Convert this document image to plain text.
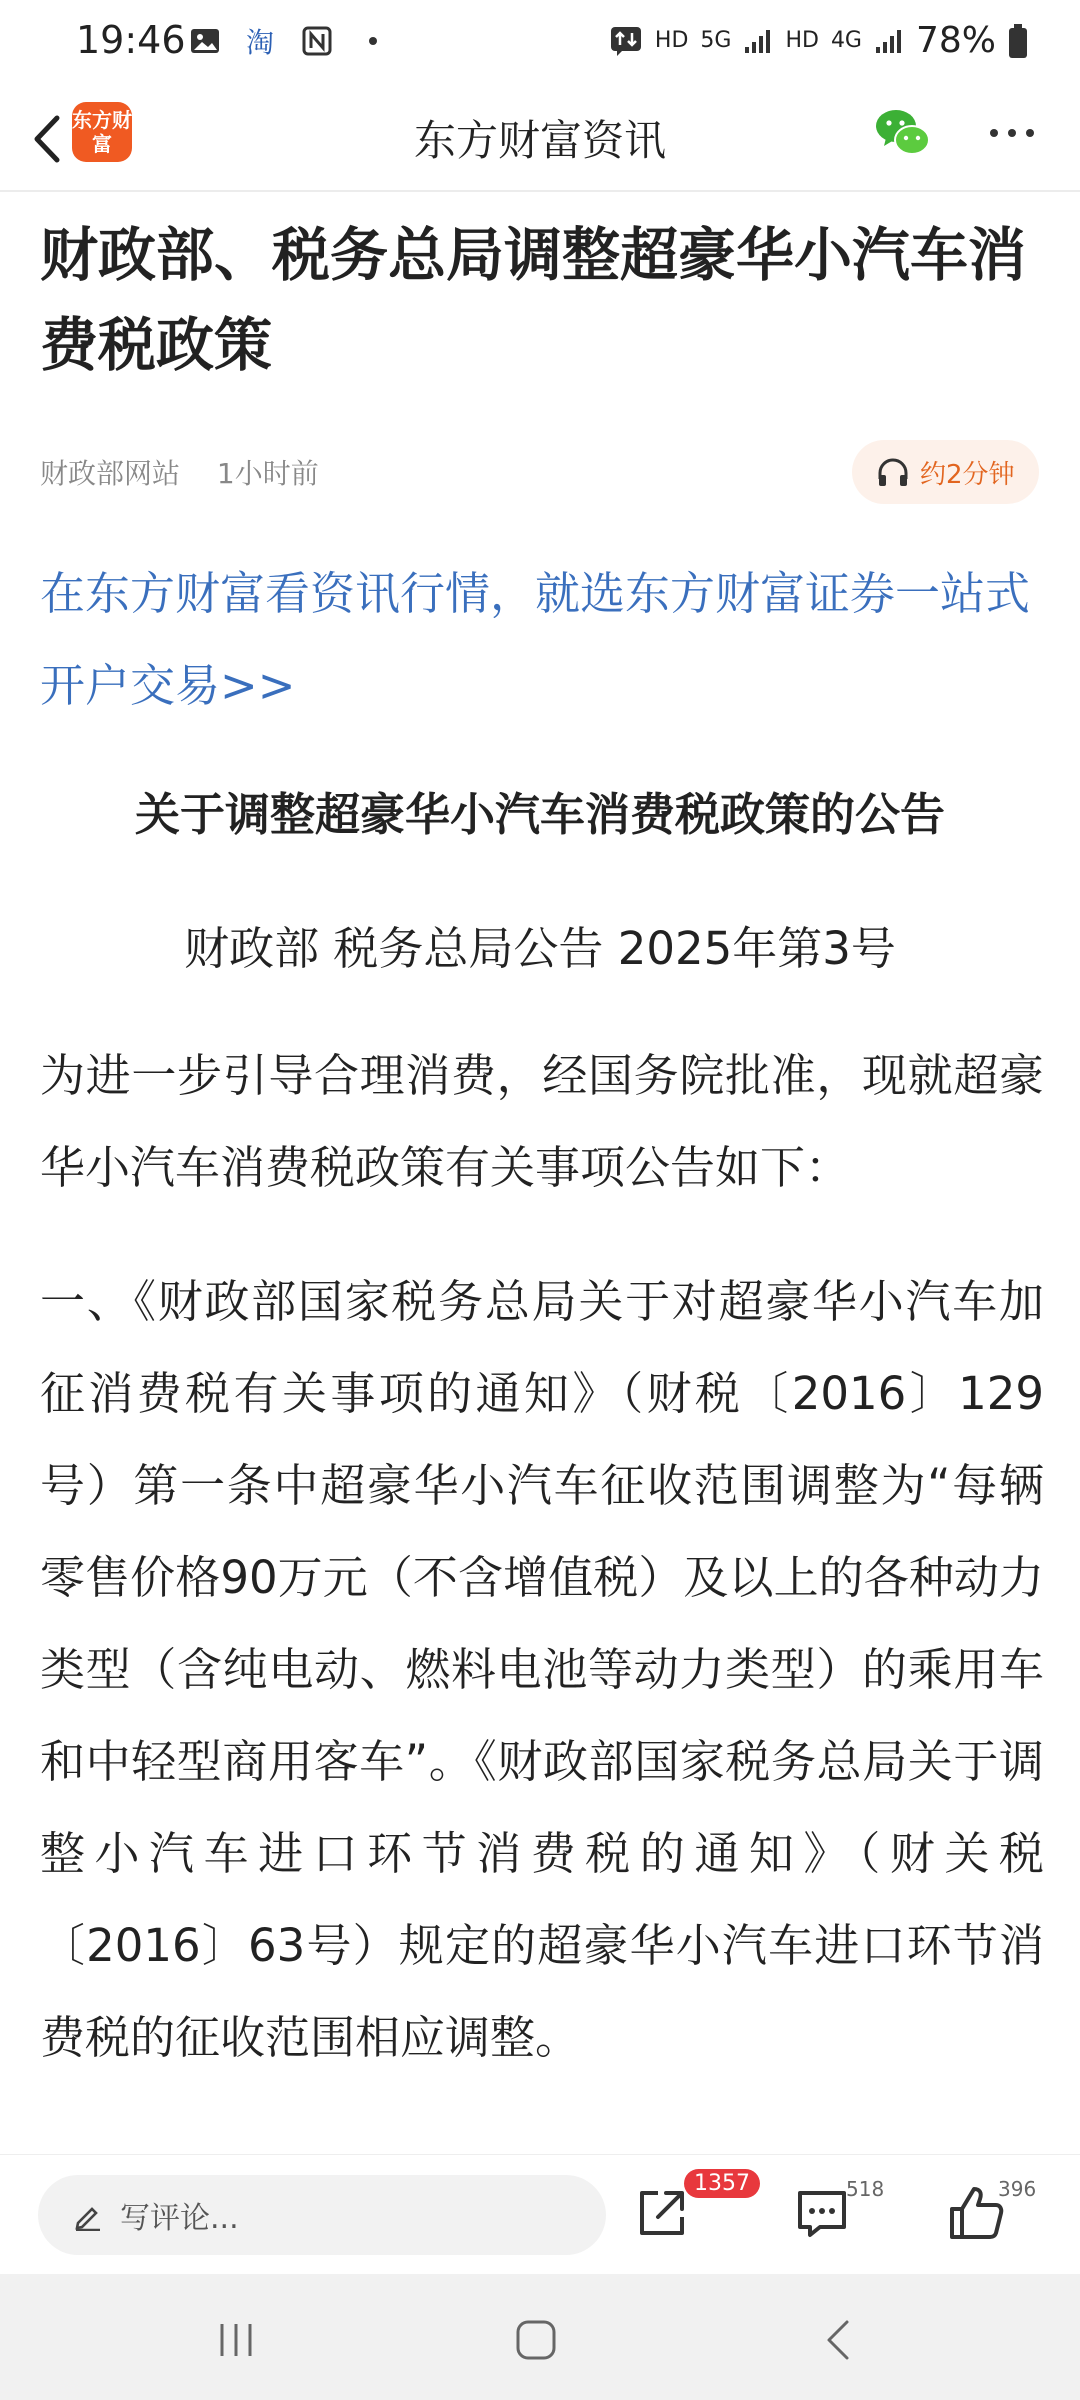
19:46 淘	HD 5G HD 4G 78%
东方财富	东方财富资讯
财政部、税务总局调整超豪华小汽车消费税政策
财政部网站 1小时前	约2分钟
在东方财富看资讯行情，就选东方财富证券一站式开户交易>>
关于调整超豪华小汽车消费税政策的公告
财政部 税务总局公告 2025年第3号
为进一步引导合理消费，经国务院批准，现就超豪华小汽车消费税政策有关事项公告如下：
一、《财政部国家税务总局关于对超豪华小汽车加征消费税有关事项的通知》（财税〔2016〕129号）第一条中超豪华小汽车征收范围调整为“每辆零售价格90万元（不含增值税）及以上的各种动力类型（含纯电动、燃料电池等动力类型）的乘用车和中轻型商用客车”。《财政部国家税务总局关于调整小汽车进口环节消费税的通知》（财关税〔2016〕63号）规定的超豪华小汽车进口环节消费税的征收范围相应调整。
写评论...
1357	518	396
